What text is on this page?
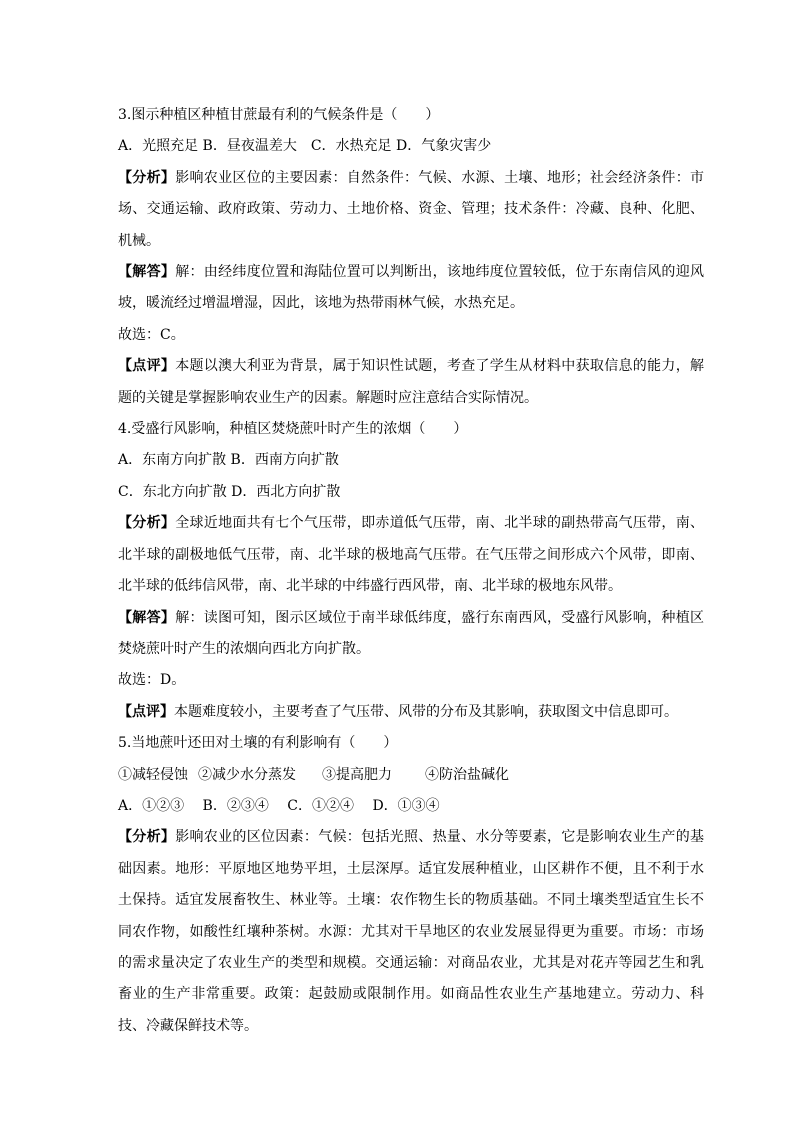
3.图示种植区种植甘蔗最有利的气候条件是（　　）

A．光照充足 B．昼夜温差大　C．水热充足 D．气象灾害少

【分析】影响农业区位的主要因素：自然条件：气候、水源、土壤、地形；社会经济条件：市场、交通运输、政府政策、劳动力、土地价格、资金、管理；技术条件：冷藏、良种、化肥、机械。

【解答】解：由经纬度位置和海陆位置可以判断出，该地纬度位置较低，位于东南信风的迎风坡，暖流经过增温增湿，因此，该地为热带雨林气候，水热充足。

故选：C。

【点评】本题以澳大利亚为背景，属于知识性试题，考查了学生从材料中获取信息的能力，解题的关键是掌握影响农业生产的因素。解题时应注意结合实际情况。

4.受盛行风影响，种植区焚烧蔗叶时产生的浓烟（　　）

A．东南方向扩散 B．西南方向扩散

C．东北方向扩散 D．西北方向扩散

【分析】全球近地面共有七个气压带，即赤道低气压带，南、北半球的副热带高气压带，南、北半球的副极地低气压带，南、北半球的极地高气压带。在气压带之间形成六个风带，即南、北半球的低纬信风带，南、北半球的中纬盛行西风带，南、北半球的极地东风带。

【解答】解：读图可知，图示区域位于南半球低纬度，盛行东南西风，受盛行风影响，种植区焚烧蔗叶时产生的浓烟向西北方向扩散。

故选：D。

【点评】本题难度较小，主要考查了气压带、风带的分布及其影响，获取图文中信息即可。

5.当地蔗叶还田对土壤的有利影响有（　　）

①减轻侵蚀 ②减少水分蒸发 ③提高肥力 ④防治盐碱化

A．①②③　 B．②③④　 C．①②④　 D．①③④

【分析】影响农业的区位因素：气候：包括光照、热量、水分等要素，它是影响农业生产的基础因素。地形：平原地区地势平坦，土层深厚。适宜发展种植业，山区耕作不便，且不利于水土保持。适宜发展畜牧生、林业等。土壤：农作物生长的物质基础。不同土壤类型适宜生长不同农作物，如酸性红壤种茶树。水源：尤其对干旱地区的农业发展显得更为重要。市场：市场的需求量决定了农业生产的类型和规模。交通运输：对商品农业，尤其是对花卉等园艺生和乳畜业的生产非常重要。政策：起鼓励或限制作用。如商品性农业生产基地建立。劳动力、科技、冷藏保鲜技术等。
